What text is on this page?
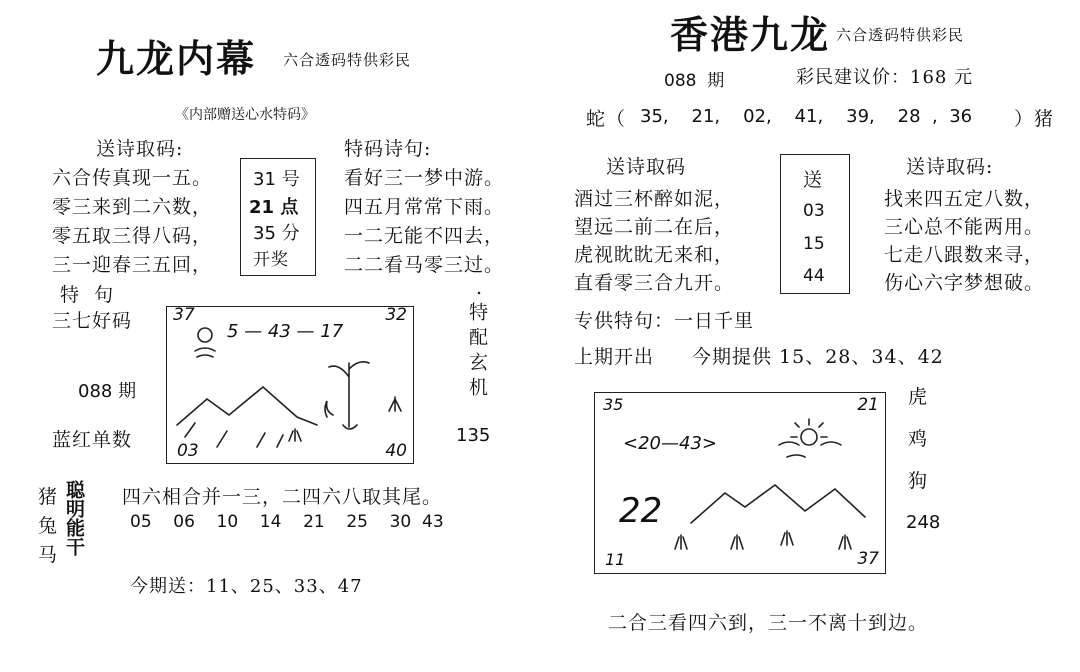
九龙内幕 六合透码特供彩民
《内部赠送心水特码》
送诗取码:
六合传真现一五。
零三来到二六数，
零五取三得八码，
三一迎春三五回，
31 号
21 点
35 分
开奖
特码诗句:
看好三一梦中游。
四五月常常下雨。
一二无能不四去，
二二看马零三过。
特  句	.
三七好码
088 期
蓝红单数
37	32
03	40
5 — 43 — 17	特配玄机
135
猪
兔
马 聪明能干 四六相合并一三，二四六八取其尾。
05 06 10 14 21 25 30 43
今期送：11、25、33、47
香港九龙 六合透码特供彩民
088  期	彩民建议价：168 元
蛇（ 35, 21, 02, 41, 39, 28 , 36 ）猪
送诗取码
酒过三杯醉如泥，
望远二前二在后，
虎视眈眈无来和，
直看零三合九开。
送
03
15
44
送诗取码:
找来四五定八数，
三心总不能两用。
七走八跟数来寻，
伤心六字梦想破。
专供特句：一日千里
上期开出 今期提供 15、28、34、42
35	21
11	37
<20—43>
22
虎
鸡
狗
248
二合三看四六到，三一不离十到边。
